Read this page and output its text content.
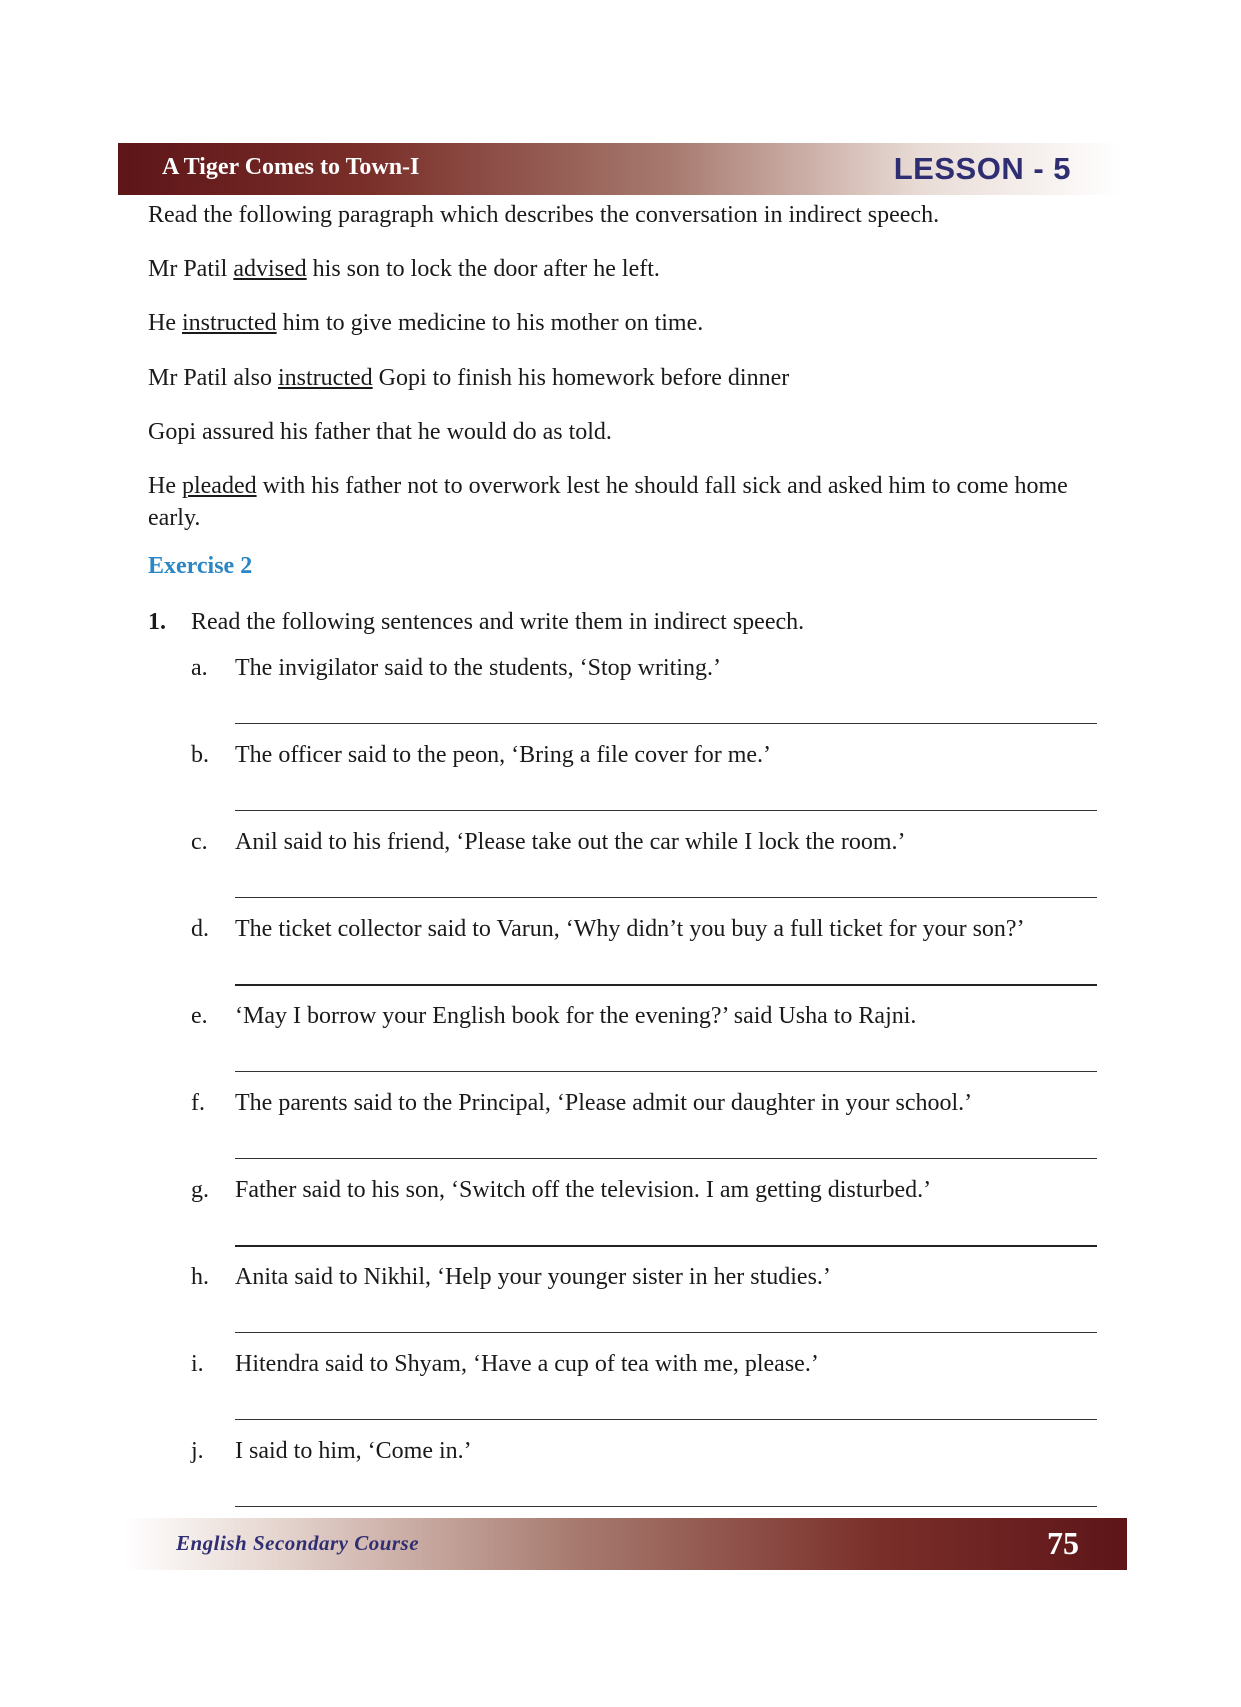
A Tiger Comes to Town-I	LESSON - 5

Read the following paragraph which describes the conversation in indirect speech.

Mr Patil advised his son to lock the door after he left.

He instructed him to give medicine to his mother on time.

Mr Patil also instructed Gopi to finish his homework before dinner

Gopi assured his father that he would do as told.

He pleaded with his father not to overwork lest he should fall sick and asked him to come home early.

Exercise 2
1. Read the following sentences and write them in indirect speech.
a. The invigilator said to the students, ‘Stop writing.’
b. The officer said to the peon, ‘Bring a file cover for me.’
c. Anil said to his friend, ‘Please take out the car while I lock the room.’
d. The ticket collector said to Varun, ‘Why didn’t you buy a full ticket for your son?’
e. ‘May I borrow your English book for the evening?’ said Usha to Rajni.
f. The parents said to the Principal, ‘Please admit our daughter in your school.’
g. Father said to his son, ‘Switch off the television. I am getting disturbed.’
h. Anita said to Nikhil, ‘Help your younger sister in her studies.’
i. Hitendra said to Shyam, ‘Have a cup of tea with me, please.’
j. I said to him, ‘Come in.’
English Secondary Course	75
